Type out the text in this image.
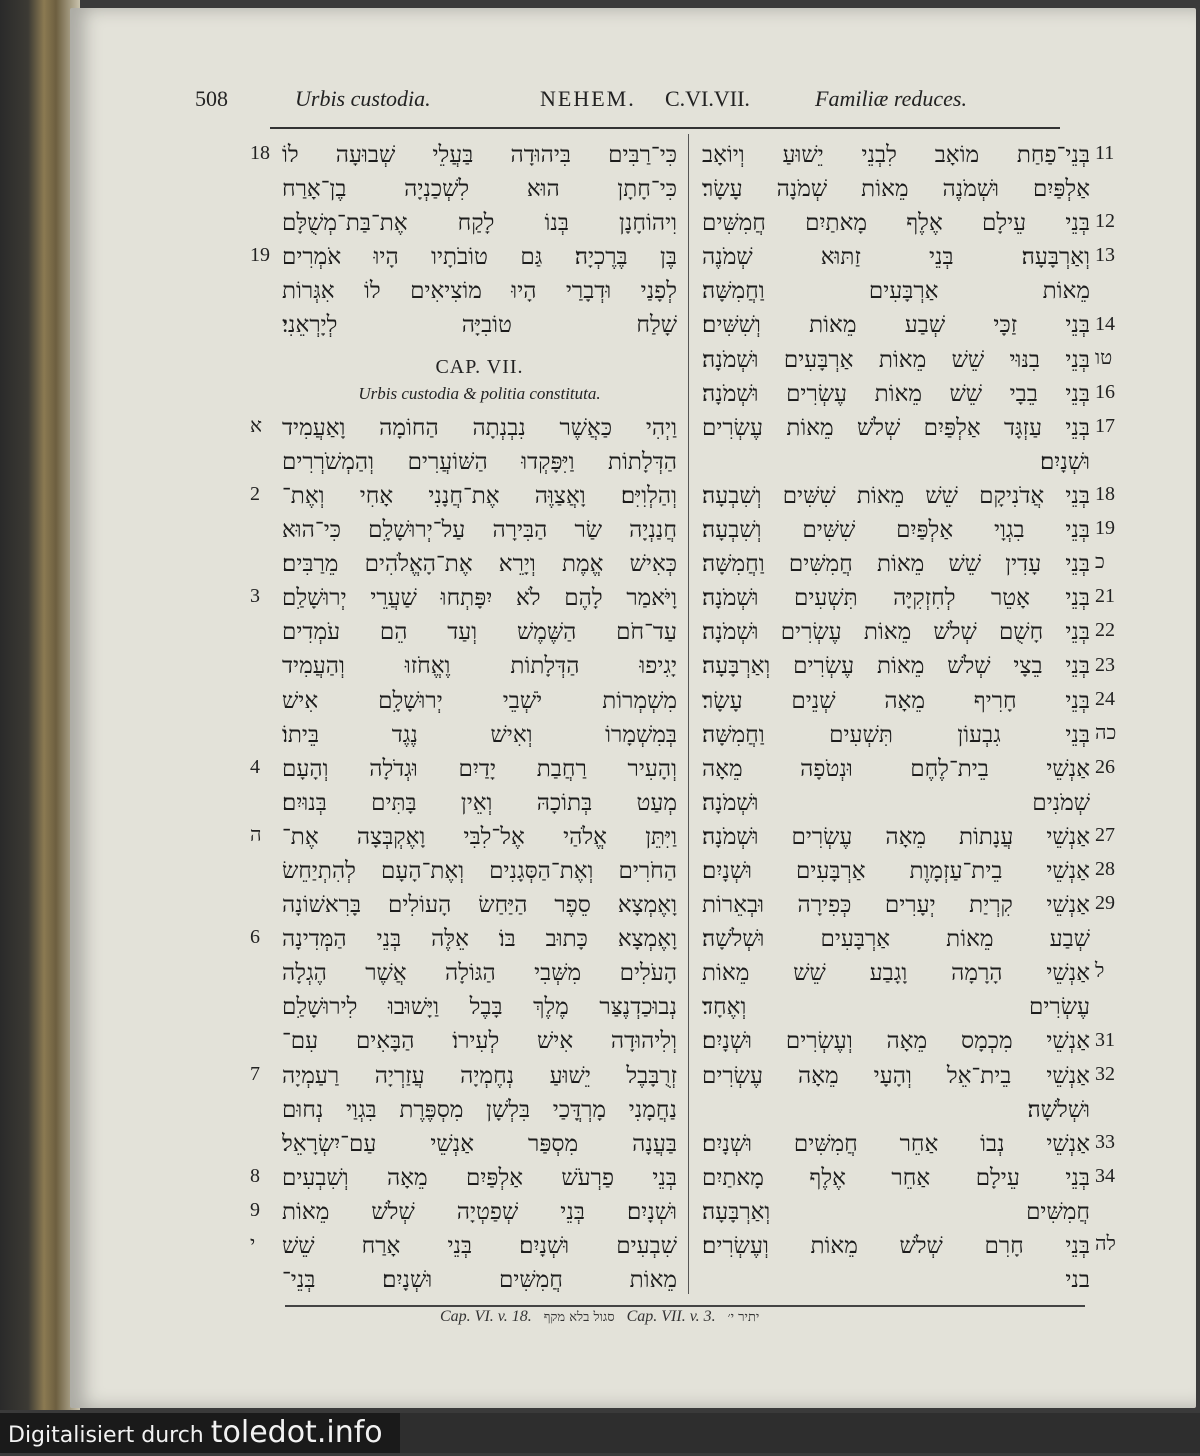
508	Urbis custodia.	NEHEM. C.VI.VII.	Familiæ reduces.
כִּי־רַבִּים בִּיהוּדָה בַּעֲלֵי שְׁבוּעָה לוֹ
כִּי־חָתָן הוּא לִשְׁכַנְיָה בֶן־אָרַח
וִיהוֹחָנָן בְּנוֹ לָקַח אֶת־בַּת־מְשֻׁלָּם
בֶּן בֶּרֶכְיָה׃ גַּם טוֹבֹתָיו הָיוּ אֹמְרִים
לְפָנַי וּדְבָרַי הָיוּ מוֹצִיאִים לוֹ אִגְּרוֹת
שָׁלַח טוֹבִיָּה לְיָרְאֵנִי׃
וַיְהִי כַּאֲשֶׁר נִבְנְתָה הַחוֹמָה וָאַעֲמִיד
הַדְּלָתוֹת וַיִּפָּקְדוּ הַשּׁוֹעֲרִים וְהַמְשֹׁרְרִים
וְהַלְוִיִּם׃ וָאֲצַוֶּה אֶת־חֲנָנִי אָחִי וְאֶת־
חֲנַנְיָה שַׂר הַבִּירָה עַל־יְרוּשָׁלִָם כִּי־הוּא
כְּאִישׁ אֱמֶת וְיָרֵא אֶת־הָאֱלֹהִים מֵרַבִּים׃
וָיֹּאמַר לָהֶם לֹא יִפָּתְחוּ שַׁעֲרֵי יְרוּשָׁלִַם
עַד־חֹם הַשֶּׁמֶשׁ וְעַד הֵם עֹמְדִים
יָגִיפוּ הַדְּלָתוֹת וֶאֱחֹזוּ וְהַעֲמִיד
מִשְׁמְרוֹת יֹשְׁבֵי יְרוּשָׁלִָם אִישׁ
בְּמִשְׁמָרוֹ וְאִישׁ נֶגֶד בֵּיתוֹ׃
וְהָעִיר רַחֲבַת יָדַיִם וּגְדֹלָה וְהָעָם
מְעַט בְּתוֹכָהּ וְאֵין בָּתִּים בְּנוּיִם׃
וַיִּתֵּן אֱלֹהַי אֶל־לִבִּי וָאֶקְבְּצָה אֶת־
הַחֹרִים וְאֶת־הַסְּגָנִים וְאֶת־הָעָם לְהִתְיַחֵשׂ
וָאֶמְצָא סֵפֶר הַיַּחַשׂ הָעוֹלִים בָּרִאשׁוֹנָה
וָאֶמְצָא כָּתוּב בּוֹ׃ אֵלֶּה בְּנֵי הַמְּדִינָה
הָעֹלִים מִשְּׁבִי הַגּוֹלָה אֲשֶׁר הֶגְלָה
נְבוּכַדְנֶצַּר מֶלֶךְ בָּבֶל וַיָּשׁוּבוּ לִירוּשָׁלִַם
וְלִיהוּדָה אִישׁ לְעִירוֹ׃ הַבָּאִים עִם־
זְרֻבָּבֶל יֵשׁוּעַ נְחֶמְיָה עֲזַרְיָה רַעַמְיָה
נַחֲמָנִי מָרְדֳּכַי בִּלְשָׁן מִסְפֶּרֶת בִּגְוַי נְחוּם
בַּעֲנָה מִסְפַּר אַנְשֵׁי עַם־יִשְׂרָאֵל׃
בְּנֵי פַרְעֹשׁ אַלְפַּיִם מֵאָה וְשִׁבְעִים
וּשְׁנָיִם׃ בְּנֵי שְׁפַטְיָה שְׁלֹשׁ מֵאוֹת
שִׁבְעִים וּשְׁנָיִם׃ בְּנֵי אָרַח שֵׁשׁ
מֵאוֹת חֲמִשִּׁים וּשְׁנָיִם׃ בְּנֵי־
בְּנֵי־פַחַת מוֹאָב לִבְנֵי יֵשׁוּעַ וְיוֹאָב
אַלְפַּיִם וּשְׁמֹנֶה מֵאוֹת שְׁמֹנָה עָשָׂר׃
בְּנֵי עֵילָם אֶלֶף מָאתַיִם חֲמִשִּׁים
וְאַרְבָּעָה׃ בְּנֵי זַתּוּא שְׁמֹנֶה
מֵאוֹת אַרְבָּעִים וַחֲמִשָּׁה׃
בְּנֵי זַכָּי שְׁבַע מֵאוֹת וְשִׁשִּׁים׃
בְּנֵי בִנּוּי שֵׁשׁ מֵאוֹת אַרְבָּעִים וּשְׁמֹנָה׃
בְּנֵי בֵבָי שֵׁשׁ מֵאוֹת עֶשְׂרִים וּשְׁמֹנָה׃
בְּנֵי עַזְגָּד אַלְפַּיִם שְׁלֹשׁ מֵאוֹת עֶשְׂרִים
וּשְׁנָיִם׃
בְּנֵי אֲדֹנִיקָם שֵׁשׁ מֵאוֹת שִׁשִּׁים וְשִׁבְעָה׃
בְּנֵי בִגְוָי אַלְפַּיִם שִׁשִּׁים וְשִׁבְעָה׃
בְּנֵי עָדִין שֵׁשׁ מֵאוֹת חֲמִשִּׁים וַחֲמִשָּׁה׃
בְּנֵי אָטֵר לְחִזְקִיָּה תִּשְׁעִים וּשְׁמֹנָה׃
בְּנֵי חָשֻׁם שְׁלֹשׁ מֵאוֹת עֶשְׂרִים וּשְׁמֹנָה׃
בְּנֵי בֵצָי שְׁלֹשׁ מֵאוֹת עֶשְׂרִים וְאַרְבָּעָה׃
בְּנֵי חָרִיף מֵאָה שְׁנֵים עָשָׂר׃
בְּנֵי גִבְעוֹן תִּשְׁעִים וַחֲמִשָּׁה׃
אַנְשֵׁי בֵית־לֶחֶם וּנְטֹפָה מֵאָה
שְׁמֹנִים וּשְׁמֹנָה׃
אַנְשֵׁי עֲנָתוֹת מֵאָה עֶשְׂרִים וּשְׁמֹנָה׃
אַנְשֵׁי בֵית־עַזְמָוֶת אַרְבָּעִים וּשְׁנָיִם׃
אַנְשֵׁי קִרְיַת יְעָרִים כְּפִירָה וּבְאֵרוֹת
שְׁבַע מֵאוֹת אַרְבָּעִים וּשְׁלֹשָׁה׃
אַנְשֵׁי הָרָמָה וָגָבַע שֵׁשׁ מֵאוֹת
עֶשְׂרִים וְאֶחָד׃
אַנְשֵׁי מִכְמָס מֵאָה וְעֶשְׂרִים וּשְׁנָיִם׃
אַנְשֵׁי בֵית־אֵל וְהָעָי מֵאָה עֶשְׂרִים
וּשְׁלֹשָׁה׃
אַנְשֵׁי נְבוֹ אַחֵר חֲמִשִּׁים וּשְׁנָיִם׃
בְּנֵי עֵילָם אַחֵר אֶלֶף מָאתַיִם
חֲמִשִּׁים וְאַרְבָּעָה׃
בְּנֵי חָרִם שְׁלֹשׁ מֵאוֹת וְעֶשְׂרִים׃
בני
CAP. VII.
Urbis custodia & politia constituta.
18
19
א
2
3
4
ה
6
7
8
9
י
11
12
13
14
טו
16
17
18
19
כ
21
22
23
24
כה
26
27
28
29
ל
31
32
33
34
לה
Cap. VI. v. 18. סגול בלא מקף Cap. VII. v. 3. יתיר י׳
Digitalisiert durch toledot.info
